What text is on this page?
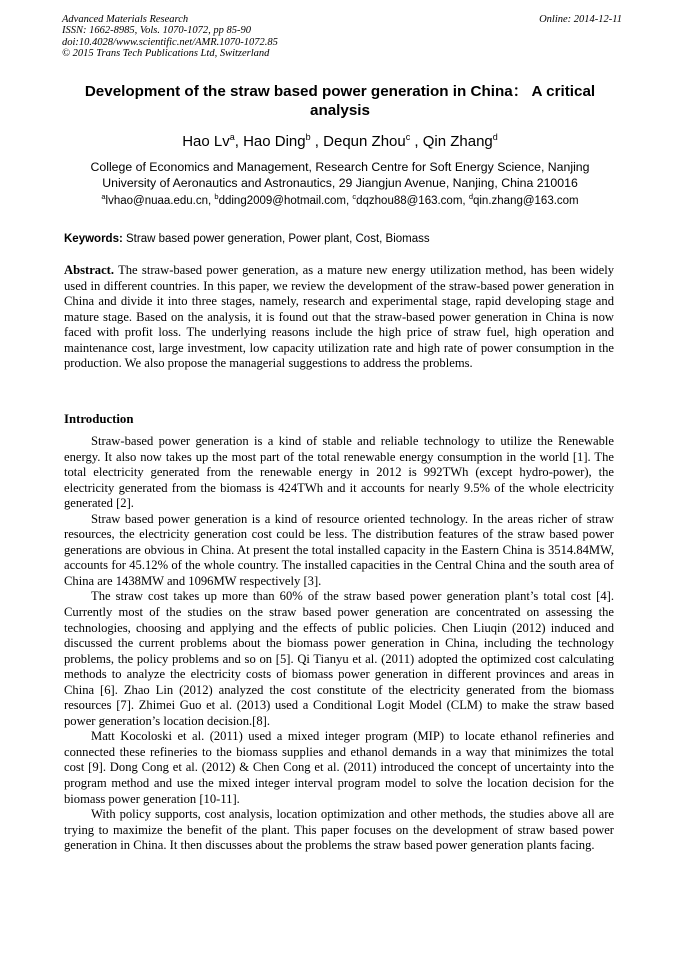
Advanced Materials Research
ISSN: 1662-8985, Vols. 1070-1072, pp 85-90
doi:10.4028/www.scientific.net/AMR.1070-1072.85
© 2015 Trans Tech Publications Ltd, Switzerland
Online: 2014-12-11
Development of the straw based power generation in China： A critical analysis
Hao Lv$^a$, Hao Ding$^b$ , Dequn Zhou$^c$ , Qin Zhang$^d$
College of Economics and Management, Research Centre for Soft Energy Science, Nanjing
University of Aeronautics and Astronautics, 29 Jiangjun Avenue, Nanjing, China 210016
$^a$lvhao@nuaa.edu.cn, $^b$dding2009@hotmail.com, $^c$dqzhou88@163.com, $^d$qin.zhang@163.com
Keywords: Straw based power generation, Power plant, Cost, Biomass
Abstract. The straw-based power generation, as a mature new energy utilization method, has been widely used in different countries. In this paper, we review the development of the straw-based power generation in China and divide it into three stages, namely, research and experimental stage, rapid developing stage and mature stage. Based on the analysis, it is found out that the straw-based power generation in China is now faced with profit loss. The underlying reasons include the high price of straw fuel, high operation and maintenance cost, large investment, low capacity utilization rate and high rate of power consumption in the production. We also propose the managerial suggestions to address the problems.
Introduction

Straw-based power generation is a kind of stable and reliable technology to utilize the Renewable energy. It also now takes up the most part of the total renewable energy consumption in the world [1]. The total electricity generated from the renewable energy in 2012 is 992TWh (except hydro-power), the electricity generated from the biomass is 424TWh and it accounts for nearly 9.5% of the whole electricity generated [2].

Straw based power generation is a kind of resource oriented technology. In the areas richer of straw resources, the electricity generation cost could be less. The distribution features of the straw based power generations are obvious in China. At present the total installed capacity in the Eastern China is 3514.84MW, accounts for 45.12% of the whole country. The installed capacities in the Central China and the south area of China are 1438MW and 1096MW respectively [3].

The straw cost takes up more than 60% of the straw based power generation plant’s total cost [4]. Currently most of the studies on the straw based power generation are concentrated on assessing the technologies, choosing and applying and the effects of public policies. Chen Liuqin (2012) induced and discussed the current problems about the biomass power generation in China, including the technology problems, the policy problems and so on [5]. Qi Tianyu et al. (2011) adopted the optimized cost calculating methods to analyze the electricity costs of biomass power generation in different provinces and areas in China [6]. Zhao Lin (2012) analyzed the cost constitute of the electricity generated from the biomass resources [7]. Zhimei Guo et al. (2013) used a Conditional Logit Model (CLM) to make the straw based power generation’s location decision.[8].

Matt Kocoloski et al. (2011) used a mixed integer program (MIP) to locate ethanol refineries and connected these refineries to the biomass supplies and ethanol demands in a way that minimizes the total cost [9]. Dong Cong et al. (2012) & Chen Cong et al. (2011) introduced the concept of uncertainty into the program method and use the mixed integer interval program model to solve the location decision for the biomass power generation [10-11].

With policy supports, cost analysis, location optimization and other methods, the studies above all are trying to maximize the benefit of the plant. This paper focuses on the development of straw based power generation in China. It then discusses about the problems the straw based power generation plants facing.
